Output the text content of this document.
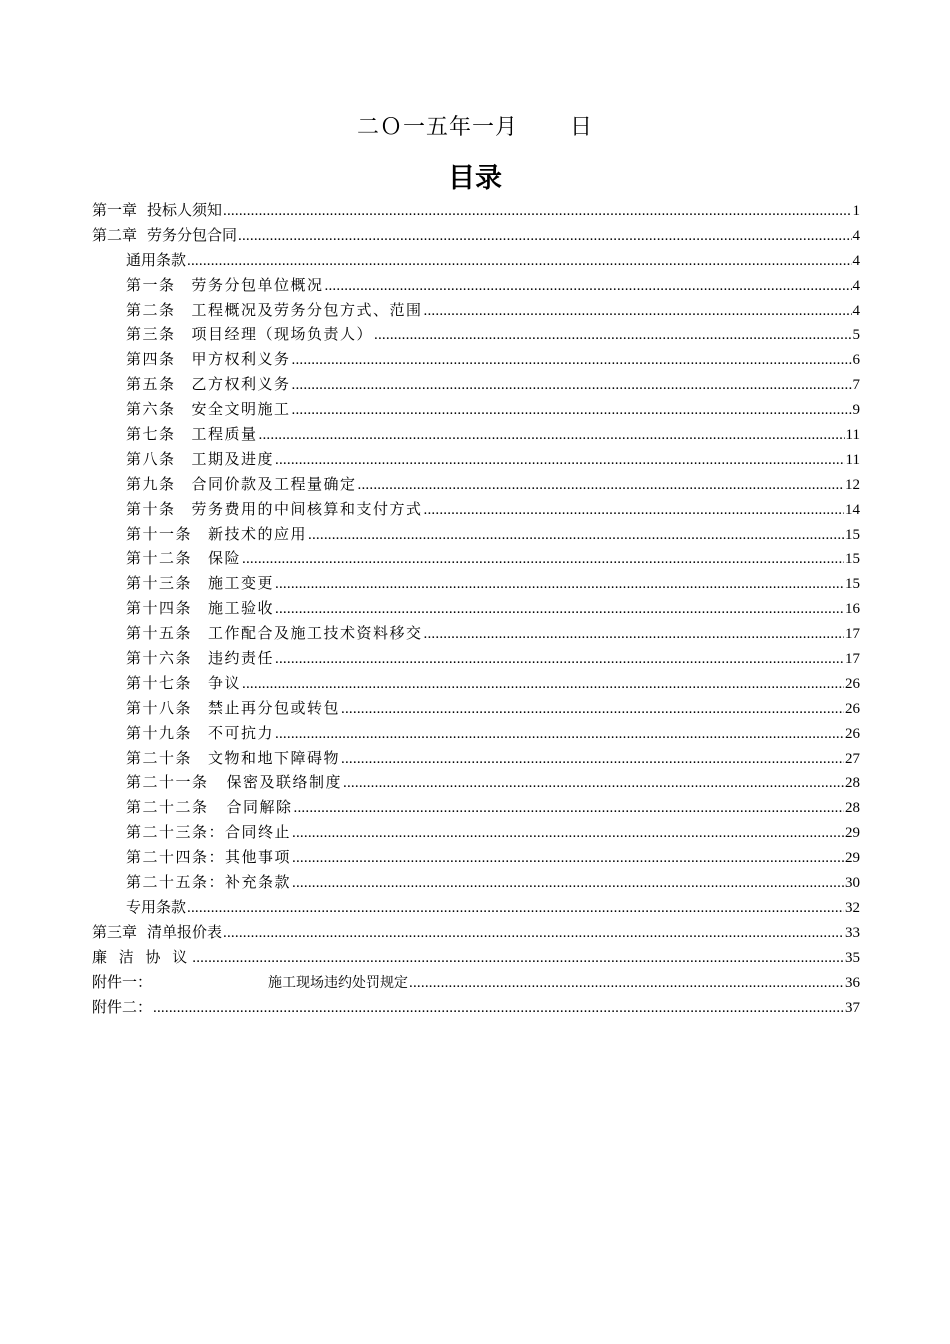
二Ｏ一五年一月 日
目录
第一章 投标人须知 .....	1
第二章 劳务分包合同 .....	4
通用条款 .....	4
第一条 劳务分包单位概况 .....	4
第二条 工程概况及劳务分包方式、范围 .....	4
第三条 项目经理（现场负责人） .....	5
第四条 甲方权利义务 .....	6
第五条 乙方权利义务 .....	7
第六条 安全文明施工 .....	9
第七条 工程质量 .....	11
第八条 工期及进度 .....	11
第九条 合同价款及工程量确定 .....	12
第十条 劳务费用的中间核算和支付方式 .....	14
第十一条 新技术的应用 .....	15
第十二条 保险 .....	15
第十三条 施工变更 .....	15
第十四条 施工验收 .....	16
第十五条 工作配合及施工技术资料移交 .....	17
第十六条 违约责任 .....	17
第十七条 争议 .....	26
第十八条 禁止再分包或转包 .....	26
第十九条 不可抗力 .....	26
第二十条 文物和地下障碍物 .....	27
第二十一条 保密及联络制度 .....	28
第二十二条 合同解除 .....	28
第二十三条：合同终止 .....	29
第二十四条：其他事项 .....	29
第二十五条：补充条款 .....	30
专用条款 .....	32
第三章 清单报价表 .....	33
廉 洁 协 议 .....	35
附件一：	施工现场违约处罚规定 .....	36
附件二： .....	37
